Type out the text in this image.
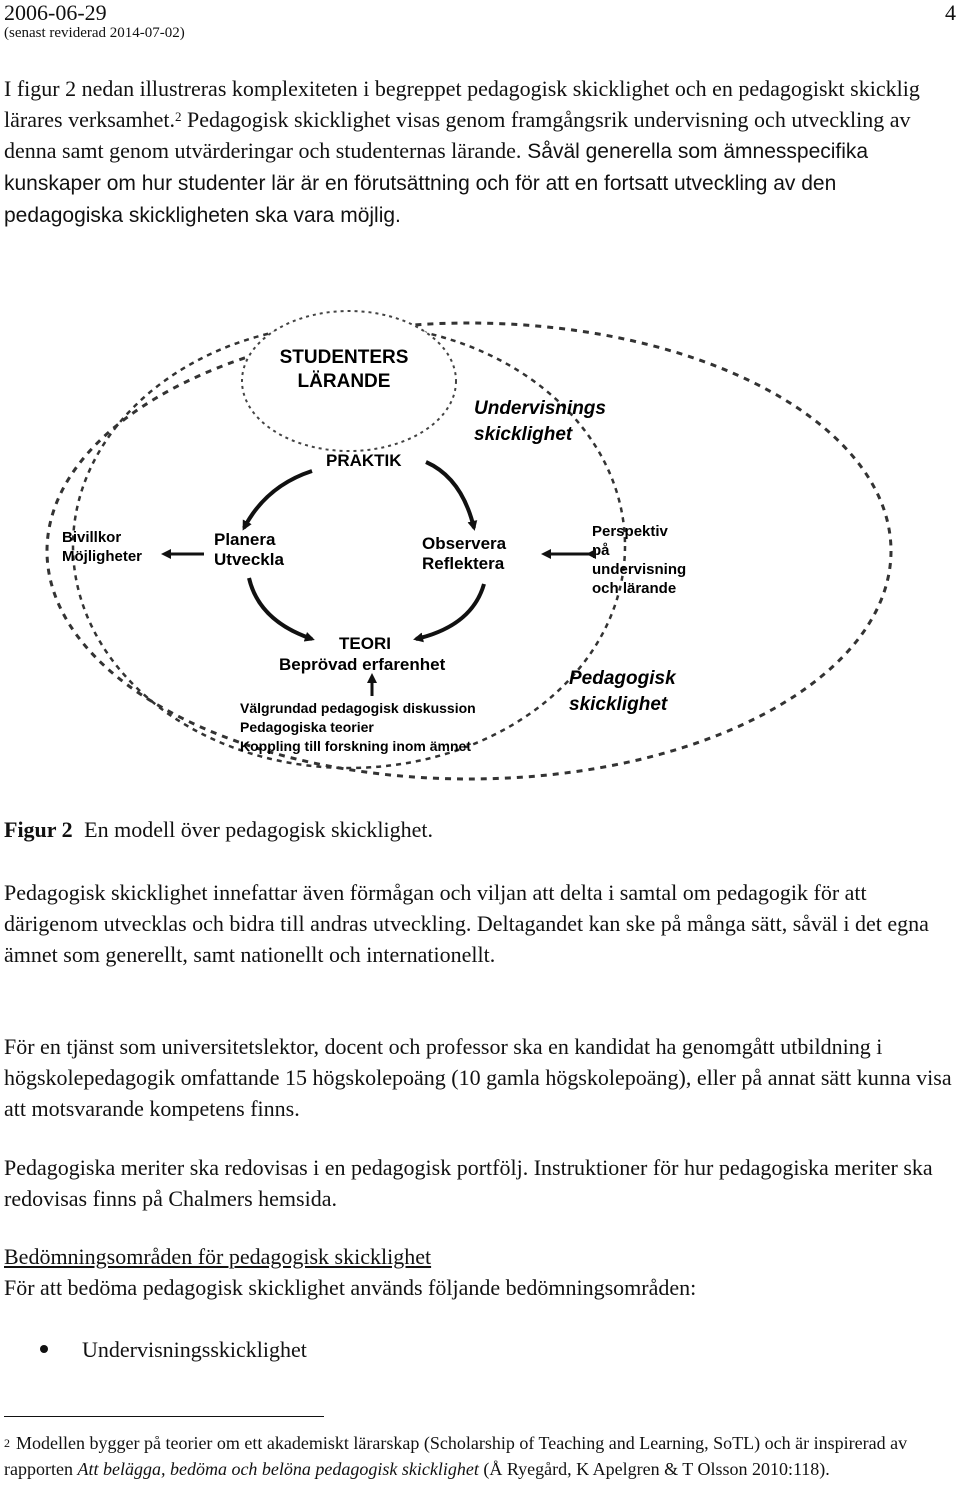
2006-06-29
(senast reviderad 2014-07-02)
4

I figur 2 nedan illustreras komplexiteten i begreppet pedagogisk skicklighet och en pedagogiskt skicklig lärares verksamhet.$^2$ Pedagogisk skicklighet visas genom framgångsrik undervisning och utveckling av denna samt genom utvärderingar och studenternas lärande. Såväl generella som ämnesspecifika kunskaper om hur studenter lär är en förutsättning och för att en fortsatt utveckling av den pedagogiska skickligheten ska vara möjlig.

STUDENTERS
LÄRANDE
Undervisnings
skicklighet
PRAKTIK
Bivillkor
Möjligheter
Planera
Utveckla
Observera
Reflektera
Perspektiv
på
undervisning
och lärande
TEORI
Beprövad erfarenhet
Välgrundad pedagogisk diskussion
Pedagogiska teorier
Koppling till forskning inom ämnet
Pedagogisk
skicklighet
Figur 2 En modell över pedagogisk skicklighet.

Pedagogisk skicklighet innefattar även förmågan och viljan att delta i samtal om pedagogik för att därigenom utvecklas och bidra till andras utveckling. Deltagandet kan ske på många sätt, såväl i det egna ämnet som generellt, samt nationellt och internationellt.

För en tjänst som universitetslektor, docent och professor ska en kandidat ha genomgått utbildning i högskolepedagogik omfattande 15 högskolepoäng (10 gamla högskolepoäng), eller på annat sätt kunna visa att motsvarande kompetens finns.

Pedagogiska meriter ska redovisas i en pedagogisk portfölj. Instruktioner för hur pedagogiska meriter ska redovisas finns på Chalmers hemsida.

Bedömningsområden för pedagogisk skicklighet
För att bedöma pedagogisk skicklighet används följande bedömningsområden:
Undervisningsskicklighet

$^2$ Modellen bygger på teorier om ett akademiskt lärarskap (Scholarship of Teaching and Learning, SoTL) och är inspirerad av rapporten Att belägga, bedöma och belöna pedagogisk skicklighet (Å Ryegård, K Apelgren & T Olsson 2010:118).
